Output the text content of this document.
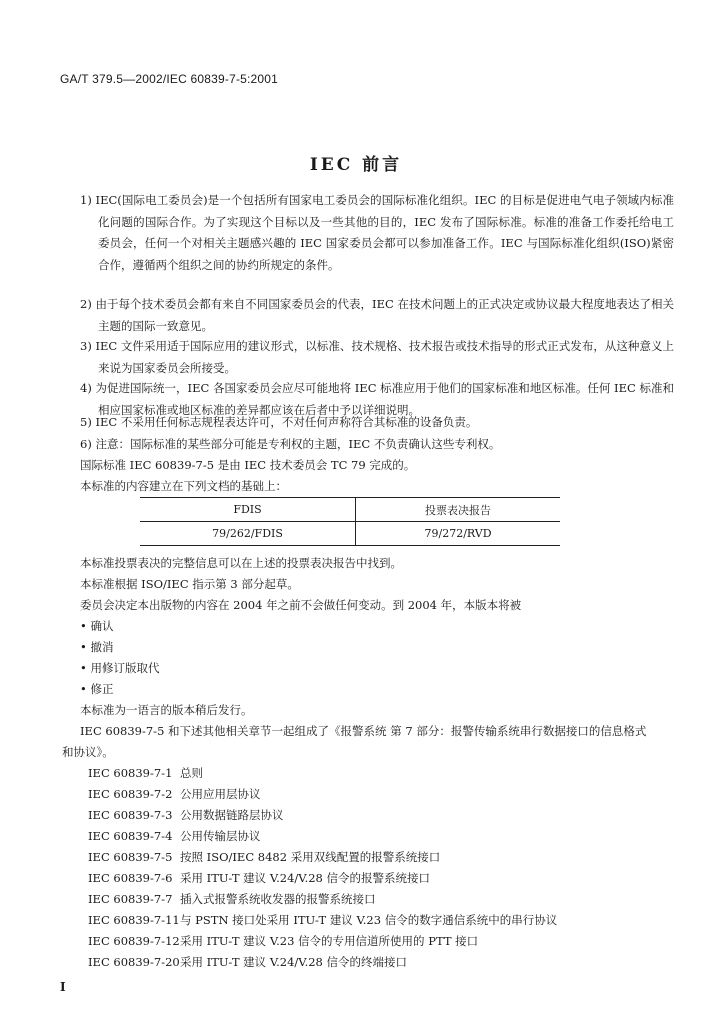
GA/T 379.5—2002/IEC 60839-7-5:2001
IEC 前言
1) IEC(国际电工委员会)是一个包括所有国家电工委员会的国际标准化组织。IEC 的目标是促进电气电子领域内标准化问题的国际合作。为了实现这个目标以及一些其他的目的，IEC 发布了国际标准。标准的准备工作委托给电工委员会，任何一个对相关主题感兴趣的 IEC 国家委员会都可以参加准备工作。IEC 与国际标准化组织(ISO)紧密合作，遵循两个组织之间的协约所规定的条件。
2) 由于每个技术委员会都有来自不同国家委员会的代表，IEC 在技术问题上的正式决定或协议最大程度地表达了相关主题的国际一致意见。
3) IEC 文件采用适于国际应用的建议形式，以标准、技术规格、技术报告或技术指导的形式正式发布，从这种意义上来说为国家委员会所接受。
4) 为促进国际统一，IEC 各国家委员会应尽可能地将 IEC 标准应用于他们的国家标准和地区标准。任何 IEC 标准和相应国家标准或地区标准的差异都应该在后者中予以详细说明。
5) IEC 不采用任何标志规程表达许可，不对任何声称符合其标准的设备负责。
6) 注意：国际标准的某些部分可能是专利权的主题，IEC 不负责确认这些专利权。
国际标准 IEC 60839-7-5 是由 IEC 技术委员会 TC 79 完成的。
本标准的内容建立在下列文档的基础上：
FDIS	投票表决报告
79/262/FDIS	79/272/RVD
本标准投票表决的完整信息可以在上述的投票表决报告中找到。
本标准根据 ISO/IEC 指示第 3 部分起草。
委员会决定本出版物的内容在 2004 年之前不会做任何变动。到 2004 年，本版本将被
• 确认
• 撤消
• 用修订版取代
• 修正
本标准为一语言的版本稍后发行。
IEC 60839-7-5 和下述其他相关章节一起组成了《报警系统 第 7 部分：报警传输系统串行数据接口的信息格式和协议》。
IEC 60839-7-1 总则
IEC 60839-7-2 公用应用层协议
IEC 60839-7-3 公用数据链路层协议
IEC 60839-7-4 公用传输层协议
IEC 60839-7-5 按照 ISO/IEC 8482 采用双线配置的报警系统接口
IEC 60839-7-6 采用 ITU-T 建议 V.24/V.28 信令的报警系统接口
IEC 60839-7-7 插入式报警系统收发器的报警系统接口
IEC 60839-7-11与 PSTN 接口处采用 ITU-T 建议 V.23 信令的数字通信系统中的串行协议
IEC 60839-7-12采用 ITU-T 建议 V.23 信令的专用信道所使用的 PTT 接口
IEC 60839-7-20采用 ITU-T 建议 V.24/V.28 信令的终端接口
I
